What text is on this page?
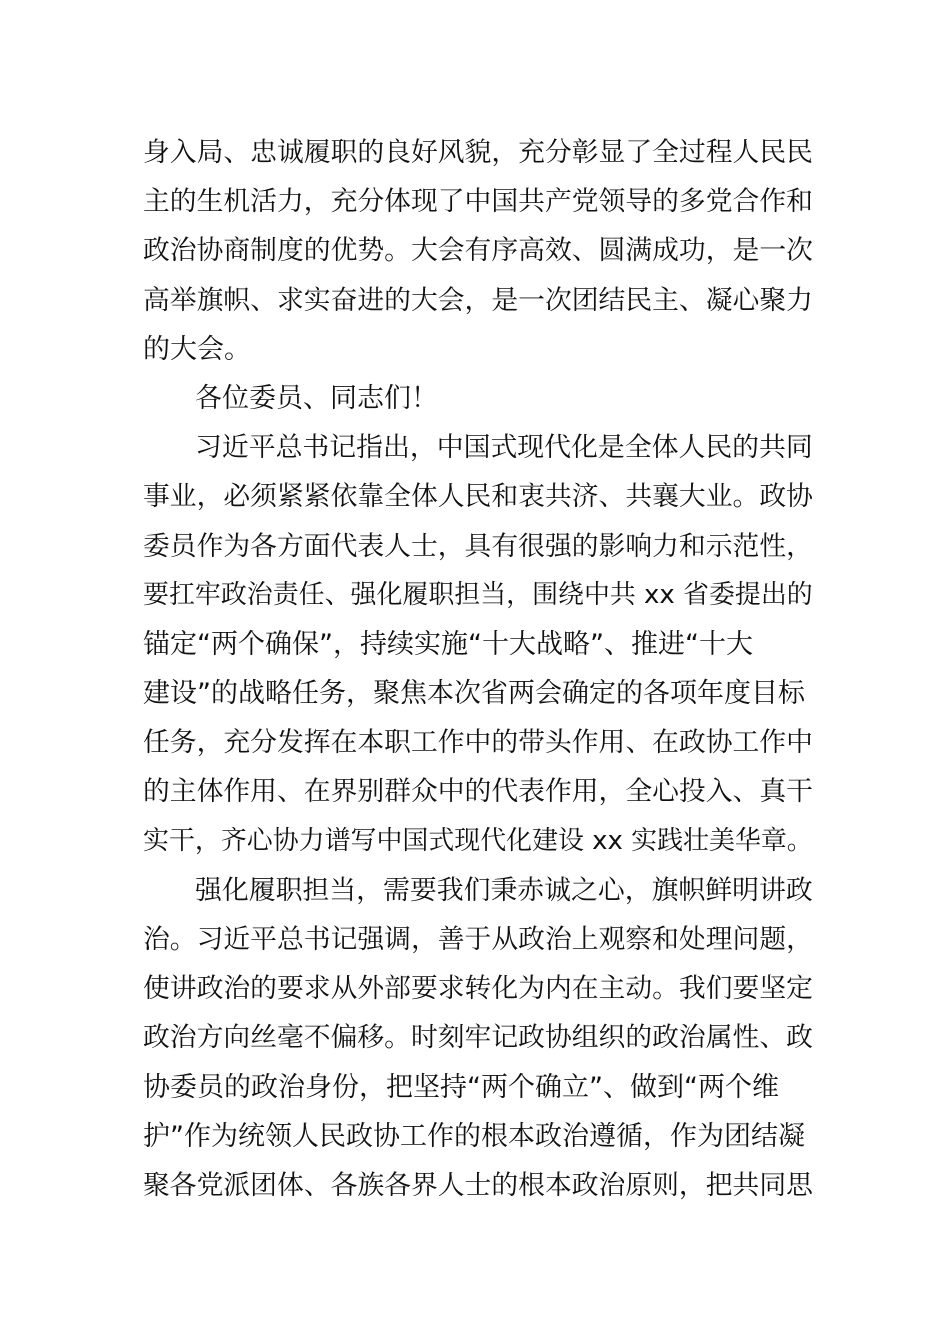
身入局、忠诚履职的良好风貌，充分彰显了全过程人民民
主的生机活力，充分体现了中国共产党领导的多党合作和
政治协商制度的优势。大会有序高效、圆满成功，是一次
高举旗帜、求实奋进的大会，是一次团结民主、凝心聚力
的大会。
各位委员、同志们！
习近平总书记指出，中国式现代化是全体人民的共同
事业，必须紧紧依靠全体人民和衷共济、共襄大业。政协
委员作为各方面代表人士，具有很强的影响力和示范性，
要扛牢政治责任、强化履职担当，围绕中共 xx 省委提出的
锚定“两个确保”，持续实施“十大战略”、推进“十大
建设”的战略任务，聚焦本次省两会确定的各项年度目标
任务，充分发挥在本职工作中的带头作用、在政协工作中
的主体作用、在界别群众中的代表作用，全心投入、真干
实干，齐心协力谱写中国式现代化建设 xx 实践壮美华章。
强化履职担当，需要我们秉赤诚之心，旗帜鲜明讲政
治。习近平总书记强调，善于从政治上观察和处理问题，
使讲政治的要求从外部要求转化为内在主动。我们要坚定
政治方向丝毫不偏移。时刻牢记政协组织的政治属性、政
协委员的政治身份，把坚持“两个确立”、做到“两个维
护”作为统领人民政协工作的根本政治遵循，作为团结凝
聚各党派团体、各族各界人士的根本政治原则，把共同思
